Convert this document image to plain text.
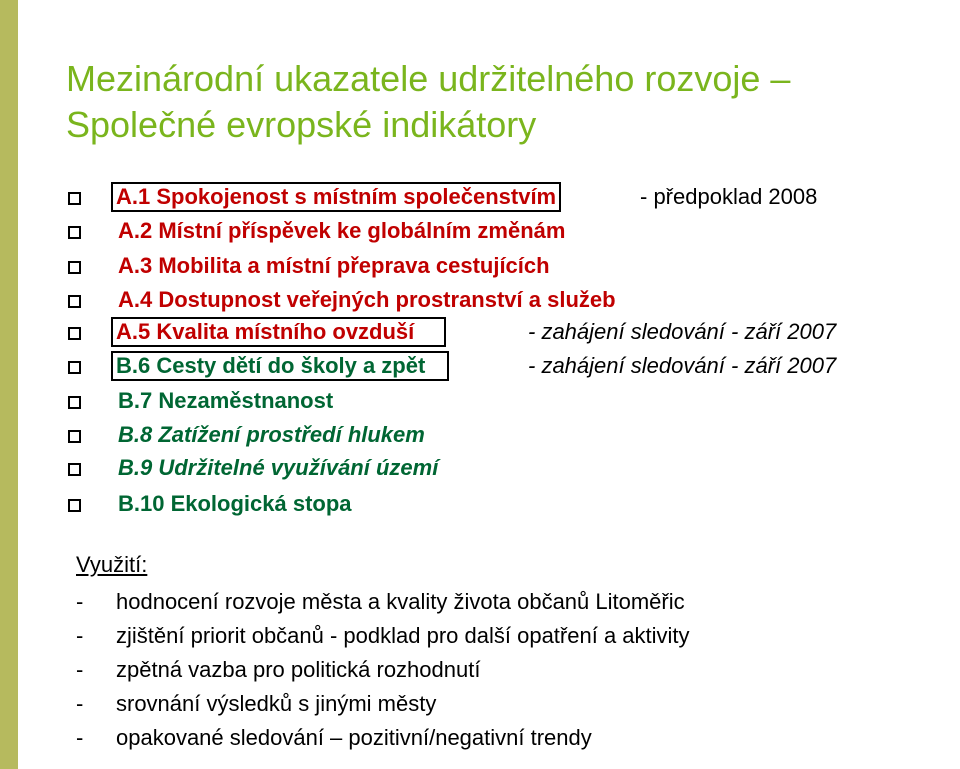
Mezinárodní ukazatele udržitelného rozvoje – Společné evropské indikátory
A.1 Spokojenost s místním společenstvím	- předpoklad 2008
A.2 Místní příspěvek ke globálním změnám
A.3 Mobilita a místní přeprava cestujících
A.4 Dostupnost veřejných prostranství a služeb
A.5 Kvalita místního ovzduší	- zahájení sledování - září 2007
B.6 Cesty dětí do školy a zpět	- zahájení sledování - září 2007
B.7 Nezaměstnanost
B.8 Zatížení prostředí hlukem
B.9 Udržitelné využívání území
B.10 Ekologická stopa
Využití:
- hodnocení rozvoje města a kvality života občanů Litoměřic
- zjištění priorit občanů - podklad pro další opatření a aktivity
- zpětná vazba pro politická rozhodnutí
- srovnání výsledků s jinými městy
- opakované sledování – pozitivní/negativní trendy
